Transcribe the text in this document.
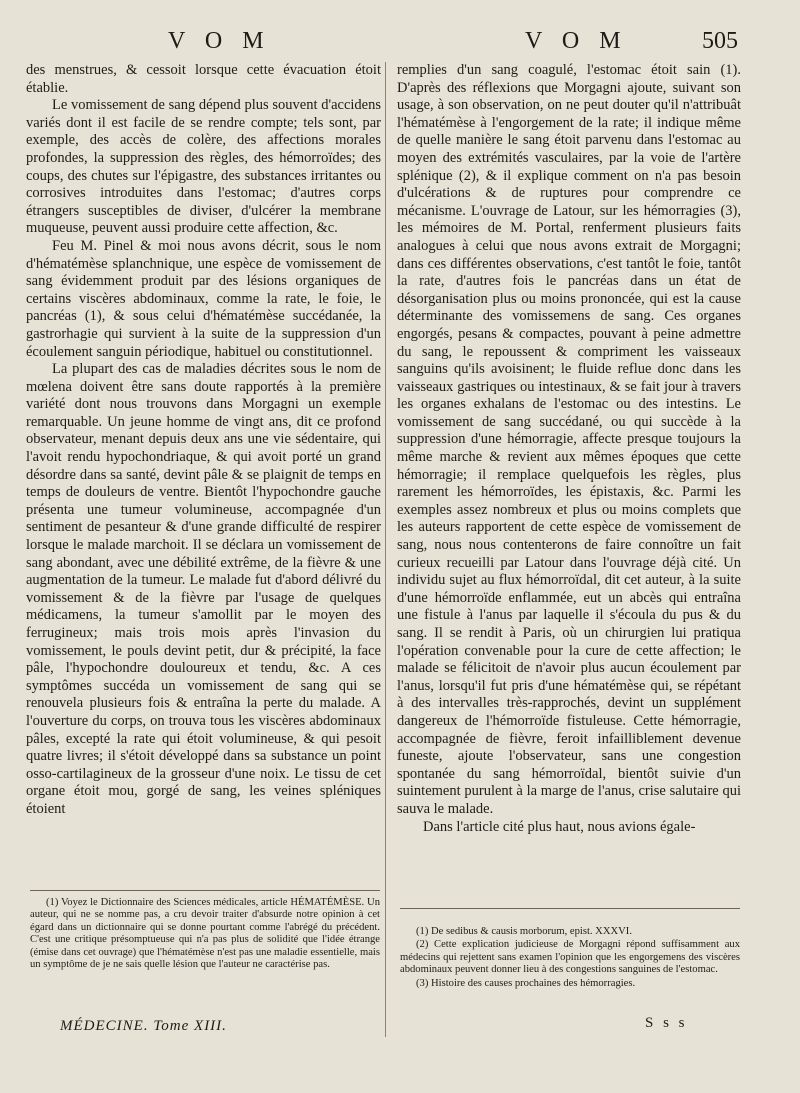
V O M	V O M	505

des menstrues, & cessoit lorsque cette évacuation étoit établie.

Le vomissement de sang dépend plus souvent d'accidens variés dont il est facile de se rendre compte; tels sont, par exemple, des accès de colère, des affections morales profondes, la suppression des règles, des hémorroïdes; des coups, des chutes sur l'épigastre, des substances irritantes ou corrosives introduites dans l'estomac; d'autres corps étrangers susceptibles de diviser, d'ulcérer la membrane muqueuse, peuvent aussi produire cette affection, &c.

Feu M. Pinel & moi nous avons décrit, sous le nom d'hématémèse splanchnique, une espèce de vomissement de sang évidemment produit par des lésions organiques de certains viscères abdominaux, comme la rate, le foie, le pancréas (1), & sous celui d'hématémèse succédanée, la gastrorhagie qui survient à la suite de la suppression d'un écoulement sanguin périodique, habituel ou constitutionnel.

La plupart des cas de maladies décrites sous le nom de mœlena doivent être sans doute rapportés à la première variété dont nous trouvons dans Morgagni un exemple remarquable. Un jeune homme de vingt ans, dit ce profond observateur, menant depuis deux ans une vie sédentaire, qui l'avoit rendu hypochondriaque, & qui avoit porté un grand désordre dans sa santé, devint pâle & se plaignit de temps en temps de douleurs de ventre. Bientôt l'hypochondre gauche présenta une tumeur volumineuse, accompagnée d'un sentiment de pesanteur & d'une grande difficulté de respirer lorsque le malade marchoit. Il se déclara un vomissement de sang abondant, avec une débilité extrême, de la fièvre & une augmentation de la tumeur. Le malade fut d'abord délivré du vomissement & de la fièvre par l'usage de quelques médicamens, la tumeur s'amollit par le moyen des ferrugineux; mais trois mois après l'invasion du vomissement, le pouls devint petit, dur & précipité, la face pâle, l'hypochondre douloureux et tendu, &c. A ces symptômes succéda un vomissement de sang qui se renouvela plusieurs fois & entraîna la perte du malade. A l'ouverture du corps, on trouva tous les viscères abdominaux pâles, excepté la rate qui étoit volumineuse, & qui pesoit quatre livres; il s'étoit développé dans sa substance un point osso-cartilagineux de la grosseur d'une noix. Le tissu de cet organe étoit mou, gorgé de sang, les veines spléniques étoient

remplies d'un sang coagulé, l'estomac étoit sain (1). D'après des réflexions que Morgagni ajoute, suivant son usage, à son observation, on ne peut douter qu'il n'attribuât l'hématémèse à l'engorgement de la rate; il indique même de quelle manière le sang étoit parvenu dans l'estomac au moyen des extrémités vasculaires, par la voie de l'artère splénique (2), & il explique comment on n'a pas besoin d'ulcérations & de ruptures pour comprendre ce mécanisme. L'ouvrage de Latour, sur les hémorragies (3), les mémoires de M. Portal, renferment plusieurs faits analogues à celui que nous avons extrait de Morgagni; dans ces différentes observations, c'est tantôt le foie, tantôt la rate, d'autres fois le pancréas dans un état de désorganisation plus ou moins prononcée, qui est la cause déterminante des vomissemens de sang. Ces organes engorgés, pesans & compactes, pouvant à peine admettre du sang, le repoussent & compriment les vaisseaux sanguins qu'ils avoisinent; le fluide reflue donc dans les vaisseaux gastriques ou intestinaux, & se fait jour à travers les organes exhalans de l'estomac ou des intestins. Le vomissement de sang succédané, ou qui succède à la suppression d'une hémorragie, affecte presque toujours la même marche & revient aux mêmes époques que cette hémorragie; il remplace quelquefois les règles, plus rarement les hémorroïdes, les épistaxis, &c. Parmi les exemples assez nombreux et plus ou moins complets que les auteurs rapportent de cette espèce de vomissement de sang, nous nous contenterons de faire connoître un fait curieux recueilli par Latour dans l'ouvrage déjà cité. Un individu sujet au flux hémorroïdal, dit cet auteur, à la suite d'une hémorroïde enflammée, eut un abcès qui entraîna une fistule à l'anus par laquelle il s'écoula du pus & du sang. Il se rendit à Paris, où un chirurgien lui pratiqua l'opération convenable pour la cure de cette affection; le malade se félicitoit de n'avoir plus aucun écoulement par l'anus, lorsqu'il fut pris d'une hématémèse qui, se répétant à des intervalles très-rapprochés, devint un supplément dangereux de l'hémorroïde fistuleuse. Cette hémorragie, accompagnée de fièvre, feroit infailliblement devenue funeste, ajoute l'observateur, sans une congestion spontanée du sang hémorroïdal, bientôt suivie d'un suintement purulent à la marge de l'anus, crise salutaire qui sauva le malade.

Dans l'article cité plus haut, nous avions égale-

(1) Voyez le Dictionnaire des Sciences médicales, article HÉMATÉMÈSE. Un auteur, qui ne se nomme pas, a cru devoir traiter d'absurde notre opinion à cet égard dans un dictionnaire qui se donne pourtant comme l'abrégé du précédent. C'est une critique présomptueuse qui n'a pas plus de solidité que l'idée étrange (émise dans cet ouvrage) que l'hématémèse n'est pas une maladie essentielle, mais un symptôme de je ne sais quelle lésion que l'auteur ne caractérise pas.

(1) De sedibus & causis morborum, epist. XXXVI.

(2) Cette explication judicieuse de Morgagni répond suffisamment aux médecins qui rejettent sans examen l'opinion que les engorgemens des viscères abdominaux peuvent donner lieu à des congestions sanguines de l'estomac.

(3) Histoire des causes prochaines des hémorragies.

MÉDECINE. Tome XIII.	S s s
